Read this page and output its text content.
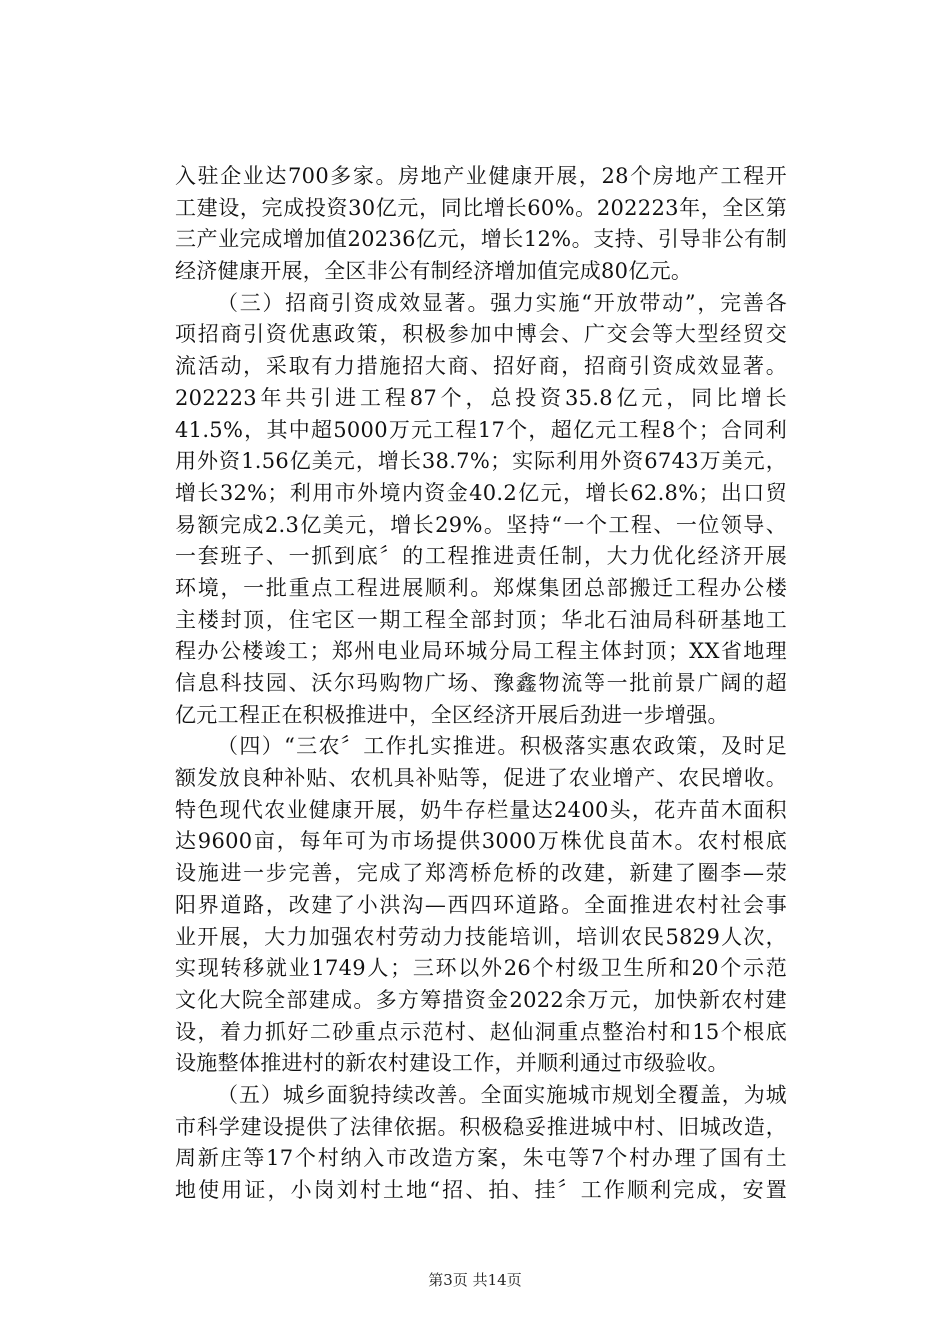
入驻企业达700多家。房地产业健康开展，28个房地产工程开
工建设，完成投资30亿元，同比增长60%。202223年，全区第
三产业完成增加值20236亿元，增长12%。支持、引导非公有制
经济健康开展，全区非公有制经济增加值完成80亿元。
（三）招商引资成效显著。强力实施“开放带动”，完善各
项招商引资优惠政策，积极参加中博会、广交会等大型经贸交
流活动，采取有力措施招大商、招好商，招商引资成效显著。
202223年共引进工程87个，总投资35.8亿元，同比增长
41.5%，其中超5000万元工程17个，超亿元工程8个；合同利
用外资1.56亿美元，增长38.7%；实际利用外资6743万美元，
增长32%；利用市外境内资金40.2亿元，增长62.8%；出口贸
易额完成2.3亿美元，增长29%。坚持“一个工程、一位领导、
一套班子、一抓到底〞的工程推进责任制，大力优化经济开展
环境，一批重点工程进展顺利。郑煤集团总部搬迁工程办公楼
主楼封顶，住宅区一期工程全部封顶；华北石油局科研基地工
程办公楼竣工；郑州电业局环城分局工程主体封顶；XX省地理
信息科技园、沃尔玛购物广场、豫鑫物流等一批前景广阔的超
亿元工程正在积极推进中，全区经济开展后劲进一步增强。
（四）“三农〞工作扎实推进。积极落实惠农政策，及时足
额发放良种补贴、农机具补贴等，促进了农业增产、农民增收。
特色现代农业健康开展，奶牛存栏量达2400头，花卉苗木面积
达9600亩，每年可为市场提供3000万株优良苗木。农村根底
设施进一步完善，完成了郑湾桥危桥的改建，新建了圈李—荥
阳界道路，改建了小洪沟—西四环道路。全面推进农村社会事
业开展，大力加强农村劳动力技能培训，培训农民5829人次，
实现转移就业1749人；三环以外26个村级卫生所和20个示范
文化大院全部建成。多方筹措资金2022余万元，加快新农村建
设，着力抓好二砂重点示范村、赵仙洞重点整治村和15个根底
设施整体推进村的新农村建设工作，并顺利通过市级验收。
（五）城乡面貌持续改善。全面实施城市规划全覆盖，为城
市科学建设提供了法律依据。积极稳妥推进城中村、旧城改造，
周新庄等17个村纳入市改造方案，朱屯等7个村办理了国有土
地使用证，小岗刘村土地“招、拍、挂〞工作顺利完成，安置
第3页 共14页
